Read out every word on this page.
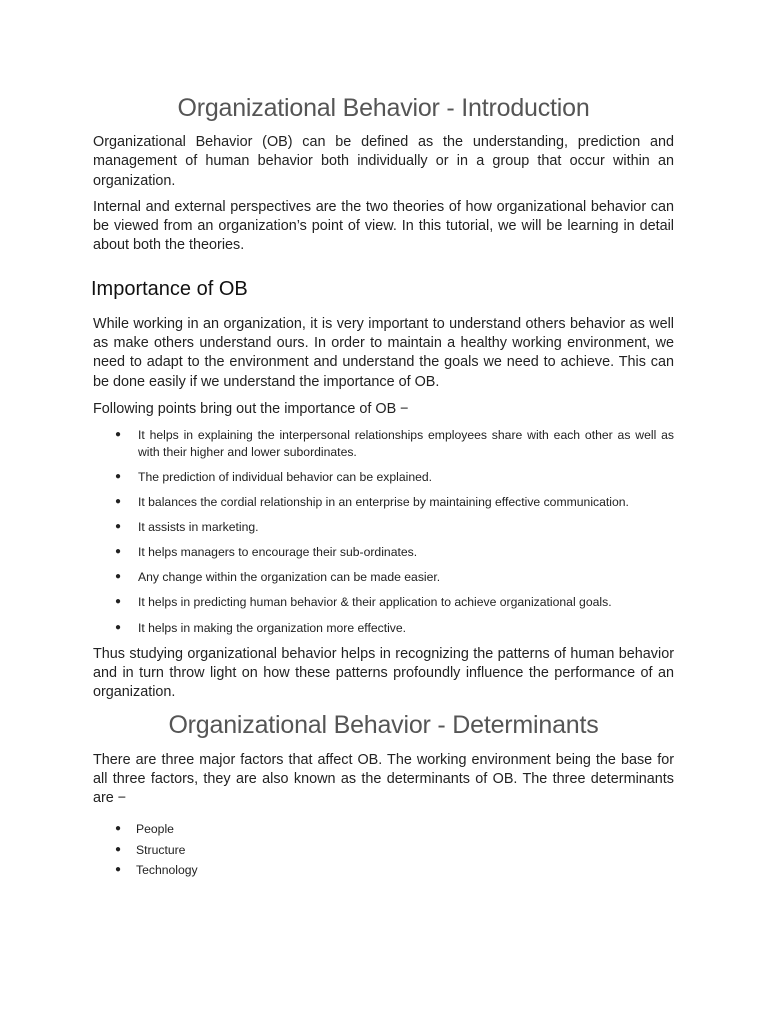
Organizational Behavior - Introduction

Organizational Behavior (OB) can be defined as the understanding, prediction and management of human behavior both individually or in a group that occur within an organization.

Internal and external perspectives are the two theories of how organizational behavior can be viewed from an organization’s point of view. In this tutorial, we will be learning in detail about both the theories.

Importance of OB

While working in an organization, it is very important to understand others behavior as well as make others understand ours. In order to maintain a healthy working environment, we need to adapt to the environment and understand the goals we need to achieve. This can be done easily if we understand the importance of OB.

Following points bring out the importance of OB −

● It helps in explaining the interpersonal relationships employees share with each other as well as with their higher and lower subordinates.
● The prediction of individual behavior can be explained.
● It balances the cordial relationship in an enterprise by maintaining effective communication.
● It assists in marketing.
● It helps managers to encourage their sub-ordinates.
● Any change within the organization can be made easier.
● It helps in predicting human behavior & their application to achieve organizational goals.
● It helps in making the organization more effective.

Thus studying organizational behavior helps in recognizing the patterns of human behavior and in turn throw light on how these patterns profoundly influence the performance of an organization.

Organizational Behavior - Determinants

There are three major factors that affect OB. The working environment being the base for all three factors, they are also known as the determinants of OB. The three determinants are −

● People
● Structure
● Technology
